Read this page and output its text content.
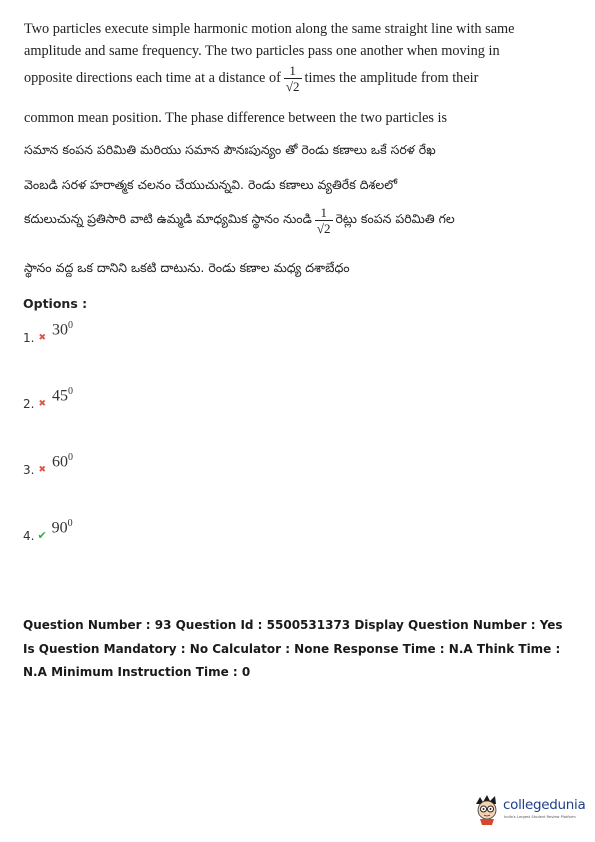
Two particles execute simple harmonic motion along the same straight line with same
amplitude and same frequency. The two particles pass one another when moving in
opposite directions each time at a distance of $\frac{1}{√2}$ times the amplitude from their
common mean position. The phase difference between the two particles is
సమాన కంపన పరిమితి మరియు సమాన పౌనఃపున్యం తో రెండు కణాలు ఒకే సరళ రేఖ
వెంబడి సరళ హరాత్మక చలనం చేయుచున్నవి. రెండు కణాలు వ్యతిరేక దిశలలో
కదులుచున్న ప్రతిసారి వాటి ఉమ్మడి మాధ్యమిక స్థానం నుండి $\frac{1}{√2}$ రెట్లు కంపన పరిమితి గల
స్థానం వద్ద ఒక దానిని ఒకటి దాటును. రెండు కణాల మధ్య దశాబేధం
Options :
1. ✖ $30^0$
2. ✖ $45^0$
3. ✖ $60^0$
4. ✔ $90^0$
Question Number : 93 Question Id : 5500531373 Display Question Number : Yes Is Question Mandatory : No Calculator : None Response Time : N.A Think Time : N.A Minimum Instruction Time : 0
collegedunia
India's Largest Student Review Platform
